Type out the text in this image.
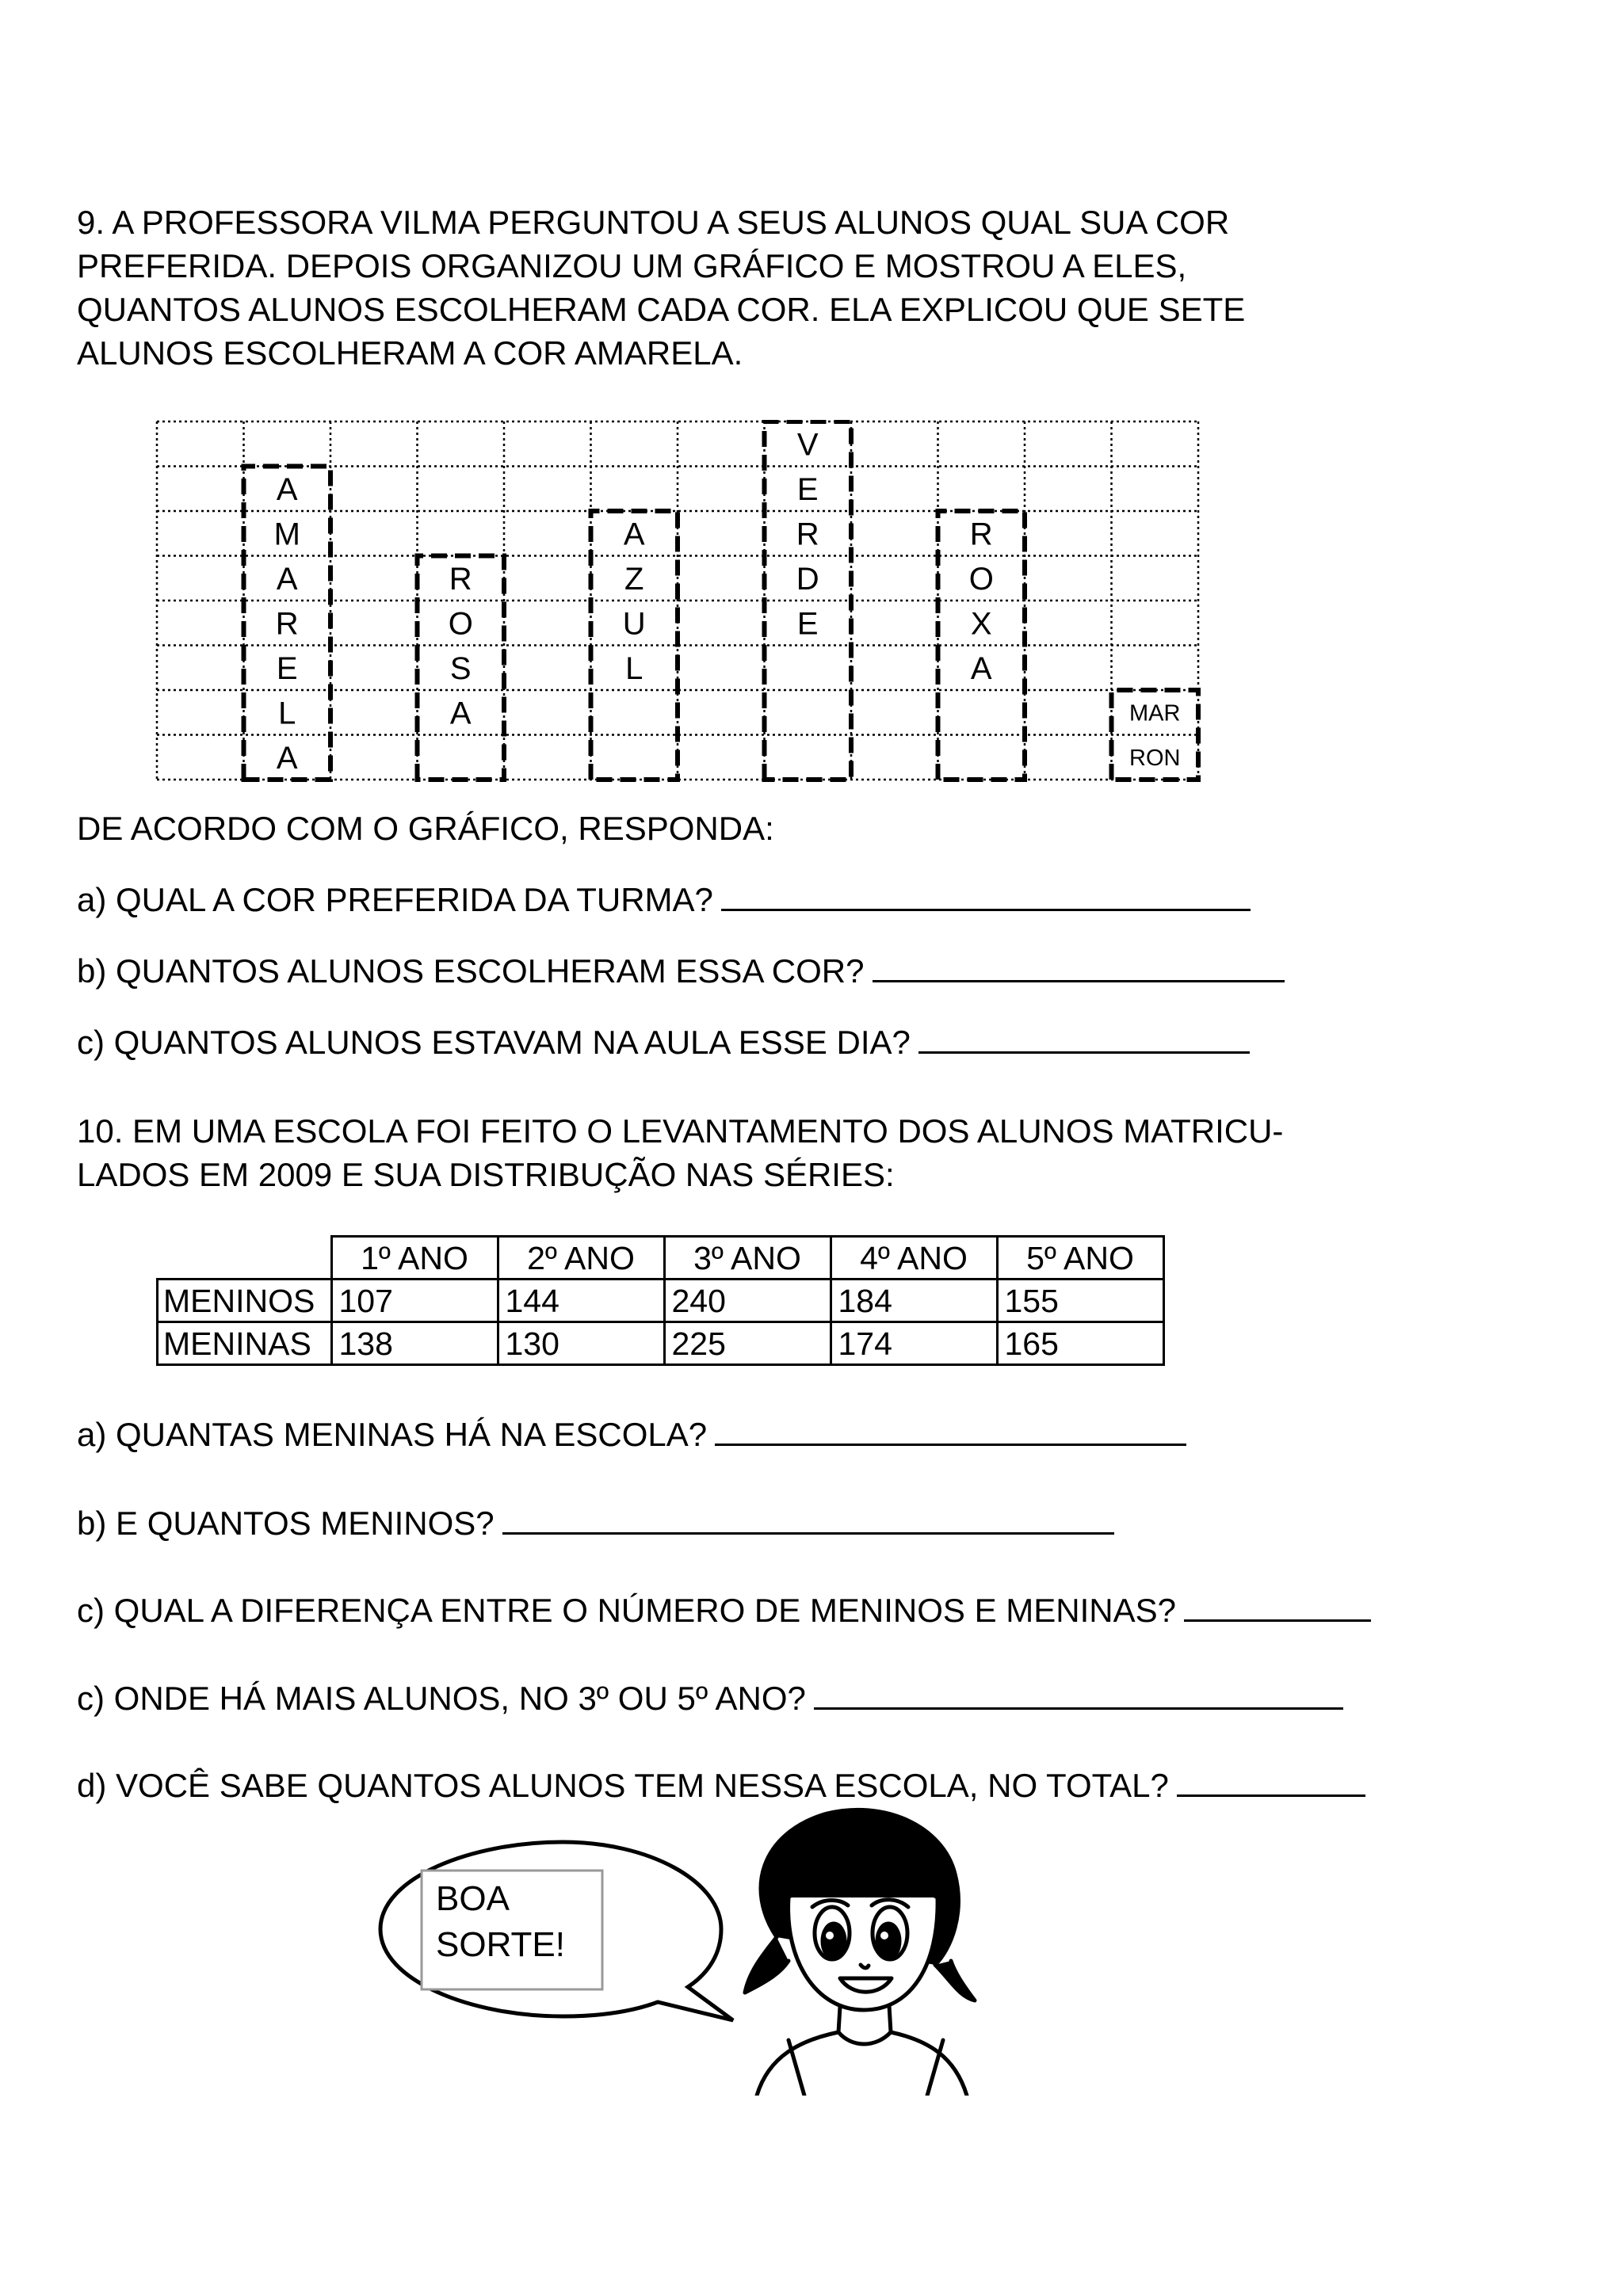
9. A PROFESSORA VILMA PERGUNTOU A SEUS ALUNOS QUAL SUA COR
PREFERIDA. DEPOIS ORGANIZOU UM GRÁFICO E MOSTROU A ELES,
QUANTOS ALUNOS ESCOLHERAM CADA COR. ELA EXPLICOU QUE SETE
ALUNOS ESCOLHERAM A COR AMARELA.

A
M
A
R
E
L
A
R
O
S
A
A
Z
U
L
V
E
R
D
E
R
O
X
A
MAR
RON
DE ACORDO COM O GRÁFICO, RESPONDA:
a) QUAL A COR PREFERIDA DA TURMA?
b) QUANTOS ALUNOS ESCOLHERAM ESSA COR?
c) QUANTOS ALUNOS ESTAVAM NA AULA ESSE DIA?

10. EM UMA ESCOLA FOI FEITO O LEVANTAMENTO DOS ALUNOS MATRICU-
LADOS EM 2009 E SUA DISTRIBUÇÃO NAS SÉRIES:

	1º ANO	2º ANO	3º ANO	4º ANO	5º ANO
MENINOS	107	144	240	184	155
MENINAS	138	130	225	174	165
a) QUANTAS MENINAS HÁ NA ESCOLA?
b) E QUANTOS MENINOS?
c) QUAL A DIFERENÇA ENTRE O NÚMERO DE MENINOS E MENINAS?
c) ONDE HÁ MAIS ALUNOS, NO 3º OU 5º ANO?
d) VOCÊ SABE QUANTOS ALUNOS TEM NESSA ESCOLA, NO TOTAL?
BOA
SORTE!
